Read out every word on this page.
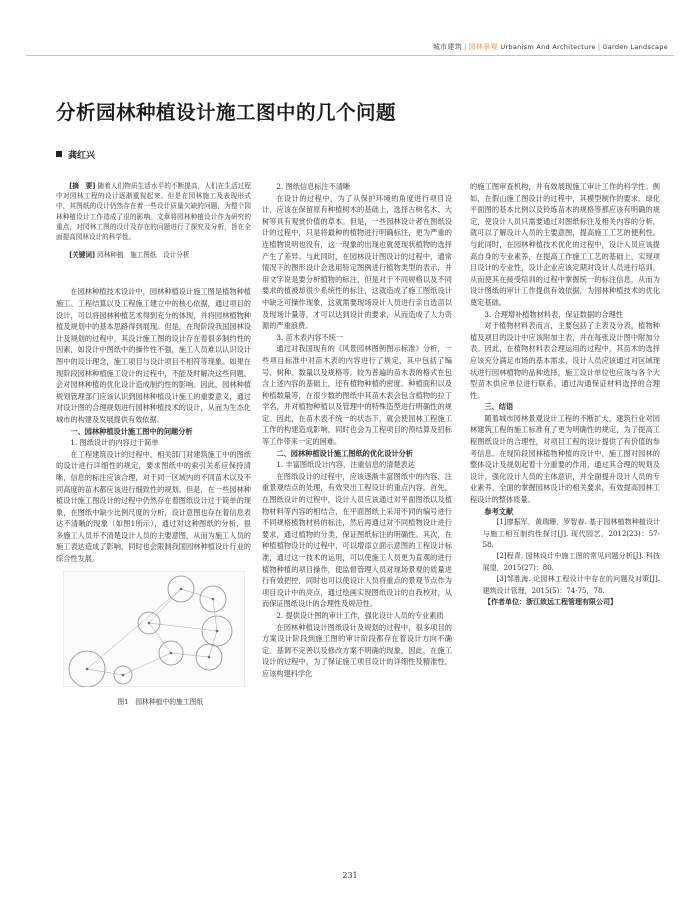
城市建筑 | 园林景观 Urbanism And Architecture | Garden Landscape
分析园林种植设计施工图中的几个问题
龚红兴

[摘　要] 随着人们物质生活水平的不断提高，人们在生活过程中对园林工程的设计逐渐重视起来。但是在园林施工及表现形式中，其图纸的设计仍然存在着一些设计质量欠缺的问题，为整个园林种植设计工作造成了很的影响。文章将园林种植设计作为研究的重点，对园林工图的设计及存在的问题进行了探究及分析，旨在全面提高园林设计的科学性。

[关键词] 园林种植　施工图纸　设计分析

在园林种植技术设计中，园林种植设计施工图是植物种植施工、工程结算以及工程施工建立中的核心依据，通过项目的设计，可以将园林种植艺术得到充分的体现，并将园林植物种植及规划中的基本思路得到展现。但是，在现阶段我国园林设计及规划的过程中，其设计施工图的设计存在着很多制约性的因素，如设计中图纸中的操作性不强，施工人员难以认识设计图中的设计理念，施工项目与设计项目不相符等现象。如果在现阶段园林种植施工设计的过程中，不能及时解决这些问题，会对园林种植的优化设计造成制约性的影响。因此，园林种植规划管理部门应该认识到园林种植设计施工的重要意义，通过对设计图的合理规划进行园林种植技术的设计，从而为生态化城市的构建及发展提供有效依据。

一、园林种植设计施工图中的问题分析

1. 图纸设计的内容过于简单

在工程建筑设计的过程中，相关部门对建筑施工中的图纸的设计进行详细性的规定，要求图纸中的索引关系应保持清晰，信息的标注应该合理，对于同一区域内的不同苗木以及不同高度的苗木都应该进行细致性的规划。但是，在一些园林种植设计施工图设计的过程中仍然存在着图纸设计过于简单的现象，在图纸中缺少比例尺度的分析，设计意图也存在着信息表达不清晰的现象（如图1所示），通过对这种图纸的分析，很多施工人员并不清楚设计人员的主要意图，从而为施工人员的施工表达造成了影响，同时也会限制我国园林种植设计行业的综合性发展。

图1　园林种植中的施工图纸

2. 图纸信息标注不清晰

在设计的过程中，为了从保护环境的角度进行项目设计，应该在保留原有种植树木的基础上，选择古树名木、大树等具有观赏价值的草本。但是，一些园林设计者在图纸设计的过程中，只是将最种的植物进行明确标注，更为严重的连植物说明也没有，这一现象的出现也就使现状植物的选择产生了差异。与此同时，在园林设计图设计的过程中，通常情况下的图形设计会选用特定图例进行植物类型的表示，并用文字说是要分析植物的标注，但是对于不同规格以及不同要求的植被却很少系统性的标注，这就造成了施工图纸设计中缺乏可操作现象，这就需要现场设计人员进行亲自选苗以及现场计量等，才可以达到设计的要求，从而造成了人力资源的严重浪费。

3. 苗木表内容不统一

通过对我国现有的《风景园林图例图示标准》分析，一些项目标准中对苗木表的内容进行了规定，其中包括了编号、树种、数量以及规格等。较为普遍的苗木表的格式在包含上述内容的基础上，还有植物种植的密度、种植面积以及种植数量等，在很少数的图纸中其苗木表会包含植物的拉丁学名，并对植物种植以及管理中的特殊造型进行明确性的规定。因此，在苗木表不统一的状态下，就会使园林工程施工工作的构建造成影响，同时也会为工程项目的预结算及招标等工作带来一定的困难。

二、园林种植设计施工图纸的优化设计分析

1. 丰富图纸设计内容，注重信息的清楚表达

在图纸设计的过程中，应该逐渐丰富图纸中的内容，注重景观结点的处理，有效突出工程设计的重点内容。首先，在图纸设计的过程中，设计人员应该通过对平面图纸以及植物材料等内容的相结合，在平面图纸上采用不同的编号进行不同规格植物材料的标注，然后再通过对不同植物设计进行要求，通过植物的分类，保证图纸标注的明确性。其次，在种植植物设计的过程中，可以增添立面示意图的工程设计标准，通过这一技术的运用，可以使施工人员更为直观的进行植物种植的项目操作，使监督管理人员对现场景观的质量进行有效把控，同时也可以使设计人员将重点的景观节点作为项目设计中的亮点，通过绘画实现图纸设计的自我校对，从而保证图纸设计的合理性及规范性。

2. 提供设计图的审计工作，强化设计人员的专业素质

在园林种植设计图纸设计及规划的过程中，很多项目的方案设计阶段到施工图的审计阶段都存在着设计方向不确定、基调不完善以及修改方案不明确的现象，因此，在施工设计的过程中，为了保证施工项目设计的详细性及精准性，应该构建科学化

的施工图审查机构，并有效展现施工审计工作的科学性。例如，在假山施工图设计的过程中，其模型制作的要求、绿化平面图的基本比例以及铃炼苗木的规格等都应该有明确的规定，使设计人员只需要通过对图纸标注及相关内容的分析，就可以了解设计人员的主要意图，提高施工工艺的便利性。与此同时，在园林种植技术优化的过程中，设计人员应该提高自身的专业素养，在提高工作施工工艺的基础上，实现项目设计的专业性，设计企业应该定期对设计人员进行培训，从而使其在接受培训的过程中掌握统一的标注信息，从而为设计图纸的审计工作提供有效依据，为园林种植技术的优化奠定基础。

3. 合理增补植物材料表，保证数据的合理性

对于植物材料表而言，主要包括了主表及分表，植物种植及项目的设计中应该附加主表，并在每张设计图中附加分表。因此，在植物材料表合理运用的过程中，其苗木的选择应该充分满足市场的基本需求，设计人员应该通过对区域现状进行园林植物的品种选择，施工设计单位也应该与各个大型苗木供应单位进行联系，通过沟通保证材料选择的合理性。

三、结语

随着城市园林景观设计工程的不断扩大，建筑行业对园林建筑工程的施工标准有了更为明确性的规定，为了提高工程图纸设计的合理性，对项目工程的设计提供了有价值的参考信息。在现阶段园林植物种植的设计中，施工图对园林的整体设计及规划起着十分重要的作用，通过其合理的规划及设计，强化设计人员的主体意识，并全面提升设计人员的专业素养，全面的掌握园林设计的相关要求，有效提高园林工程设计的整体质量。

参考文献

[1]廖振军，黄瑞珊，罗智春. 基于园林植物种植设计与施工相互制约性探讨[J]. 现代园艺，2012(23)：57-58.

[2]程青. 园林设计中施工图的常见问题分析[J]. 科技展望，2015(27)：80.

[3]邹胜海. 论园林工程设计中存在的问题及对策[J]. 建筑设计管理，2015(5)：74-75，78.

【作者单位：浙江致远工程管理有限公司】

231
